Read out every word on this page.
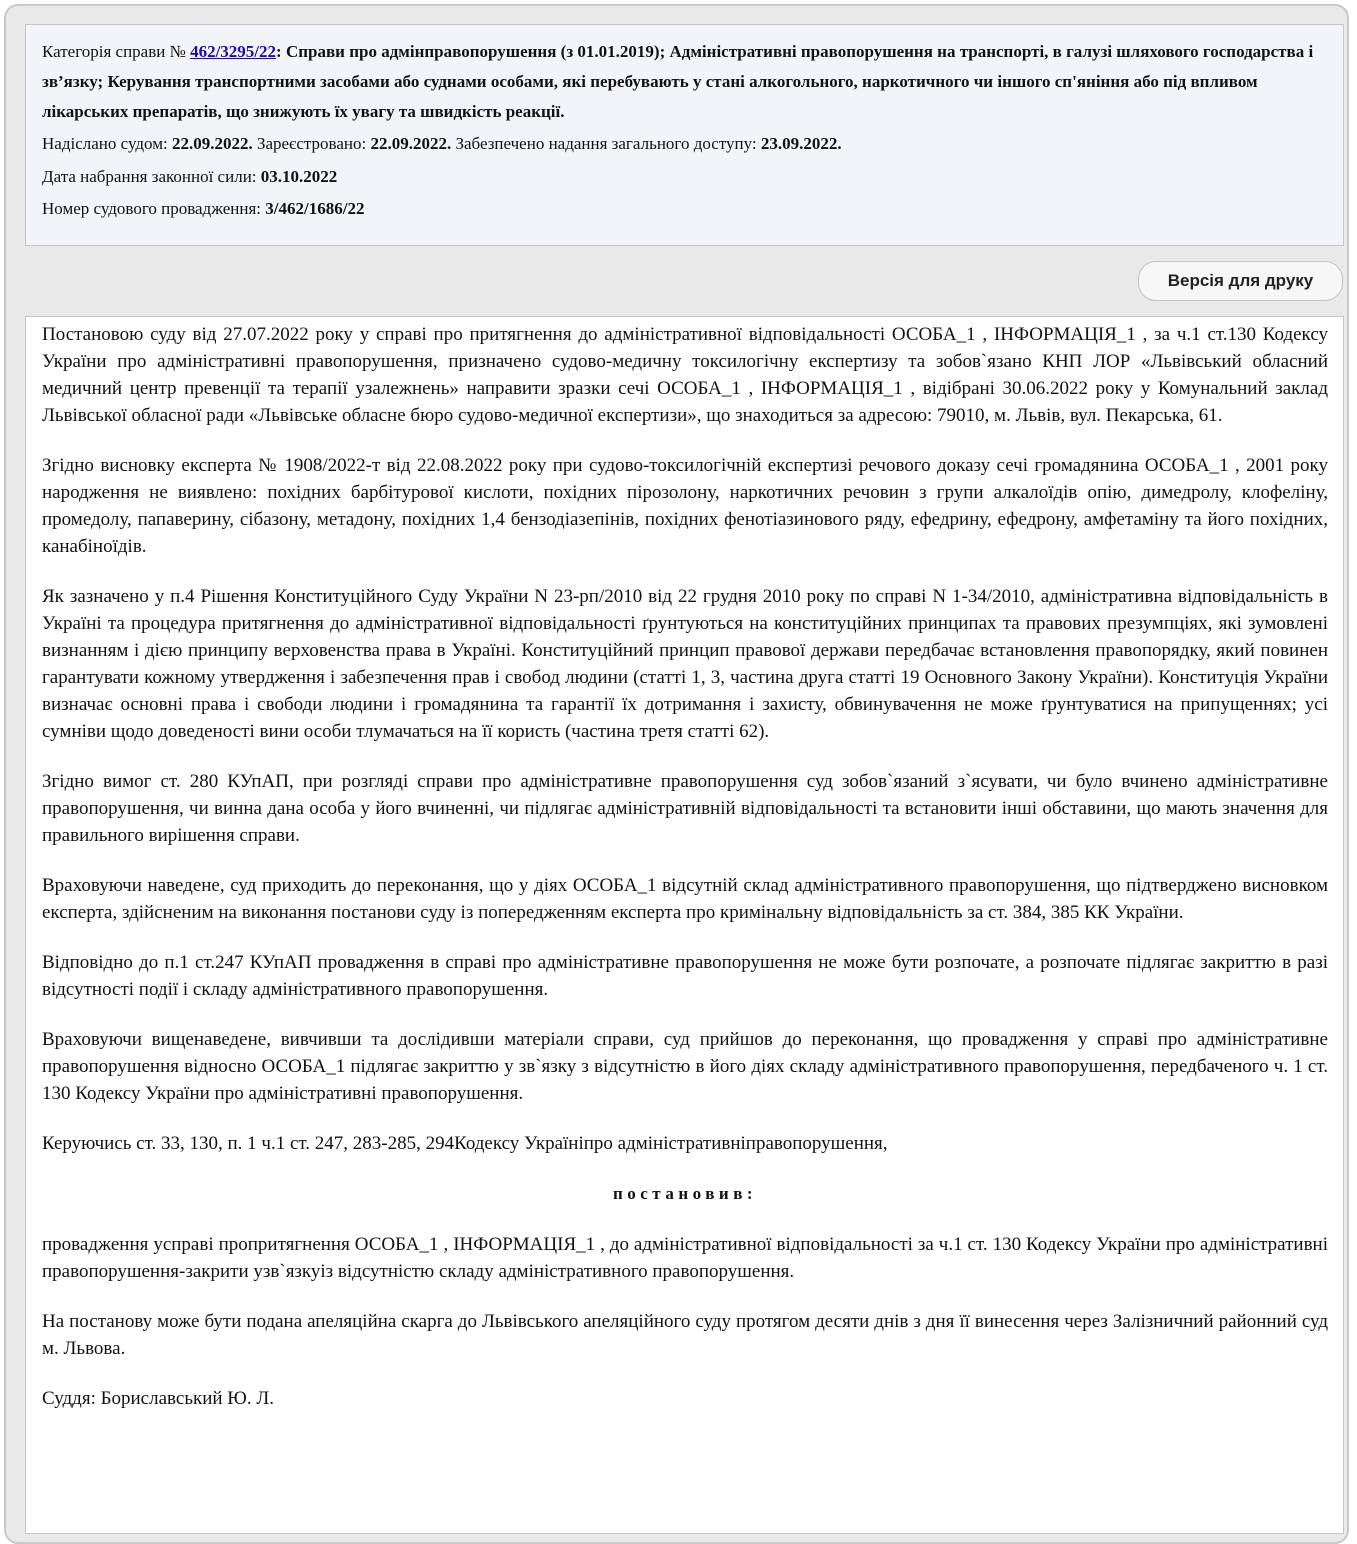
Категорія справи № 462/3295/22: Справи про адмінправопорушення (з 01.01.2019); Адміністративні правопорушення на транспорті, в галузі шляхового господарства і зв’язку; Керування транспортними засобами або суднами особами, які перебувають у стані алкогольного, наркотичного чи іншого сп'яніння або під впливом лікарських препаратів, що знижують їх увагу та швидкість реакції.

Надіслано судом: 22.09.2022. Зареєстровано: 22.09.2022. Забезпечено надання загального доступу: 23.09.2022.

Дата набрання законної сили: 03.10.2022

Номер судового провадження: 3/462/1686/22

Версія для друку

Постановою суду від 27.07.2022 року у справі про притягнення до адміністративної відповідальності ОСОБА_1 , ІНФОРМАЦІЯ_1 , за ч.1 ст.130 Кодексу України про адміністративні правопорушення, призначено судово-медичну токсилогічну експертизу та зобов`язано КНП ЛОР «Львівський обласний медичний центр превенції та терапії узалежнень» направити зразки сечі ОСОБА_1 , ІНФОРМАЦІЯ_1 , відібрані 30.06.2022 року у Комунальний заклад Львівської обласної ради «Львівське обласне бюро судово-медичної експертизи», що знаходиться за адресою: 79010, м. Львів, вул. Пекарська, 61.

Згідно висновку експерта № 1908/2022-т від 22.08.2022 року при судово-токсилогічній експертизі речового доказу сечі громадянина ОСОБА_1 , 2001 року народження не виявлено: похідних барбітурової кислоти, похідних пірозолону, наркотичних речовин з групи алкалоїдів опію, димедролу, клофеліну, промедолу, папаверину, сібазону, метадону, похідних 1,4 бензодіазепінів, похідних фенотіазинового ряду, ефедрину, ефедрону, амфетаміну та його похідних, канабіноїдів.

Як зазначено у п.4 Рішення Конституційного Суду України N 23-рп/2010 від 22 грудня 2010 року по справі N 1-34/2010, адміністративна відповідальність в Україні та процедура притягнення до адміністративної відповідальності ґрунтуються на конституційних принципах та правових презумпціях, які зумовлені визнанням і дією принципу верховенства права в Україні. Конституційний принцип правової держави передбачає встановлення правопорядку, який повинен гарантувати кожному утвердження і забезпечення прав і свобод людини (статті 1, 3, частина друга статті 19 Основного Закону України). Конституція України визначає основні права і свободи людини і громадянина та гарантії їх дотримання і захисту, обвинувачення не може ґрунтуватися на припущеннях; усі сумніви щодо доведеності вини особи тлумачаться на її користь (частина третя статті 62).

Згідно вимог ст. 280 КУпАП, при розгляді справи про адміністративне правопорушення суд зобов`язаний з`ясувати, чи було вчинено адміністративне правопорушення, чи винна дана особа у його вчиненні, чи підлягає адміністративній відповідальності та встановити інші обставини, що мають значення для правильного вирішення справи.

Враховуючи наведене, суд приходить до переконання, що у діях ОСОБА_1 відсутній склад адміністративного правопорушення, що підтверджено висновком експерта, здійсненим на виконання постанови суду із попередженням експерта про кримінальну відповідальність за ст. 384, 385 КК України.

Відповідно до п.1 ст.247 КУпАП провадження в справі про адміністративне правопорушення не може бути розпочате, а розпочате підлягає закриттю в разі відсутності події і складу адміністративного правопорушення.

Враховуючи вищенаведене, вивчивши та дослідивши матеріали справи, суд прийшов до переконання, що провадження у справі про адміністративне правопорушення відносно ОСОБА_1 підлягає закриттю у зв`язку з відсутністю в його діях складу адміністративного правопорушення, передбаченого ч. 1 ст. 130 Кодексу України про адміністративні правопорушення.

Керуючись ст. 33, 130, п. 1 ч.1 ст. 247, 283-285, 294Кодексу Україніпро адміністративніправопорушення,

постановив:

провадження усправі пропритягнення ОСОБА_1 , ІНФОРМАЦІЯ_1 , до адміністративної відповідальності за ч.1 ст. 130 Кодексу України про адміністративні правопорушення-закрити узв`язкуіз відсутністю складу адміністративного правопорушення.

На постанову може бути подана апеляційна скарга до Львівського апеляційного суду протягом десяти днів з дня її винесення через Залізничний районний суд м. Львова.

Суддя: Бориславський Ю. Л.
